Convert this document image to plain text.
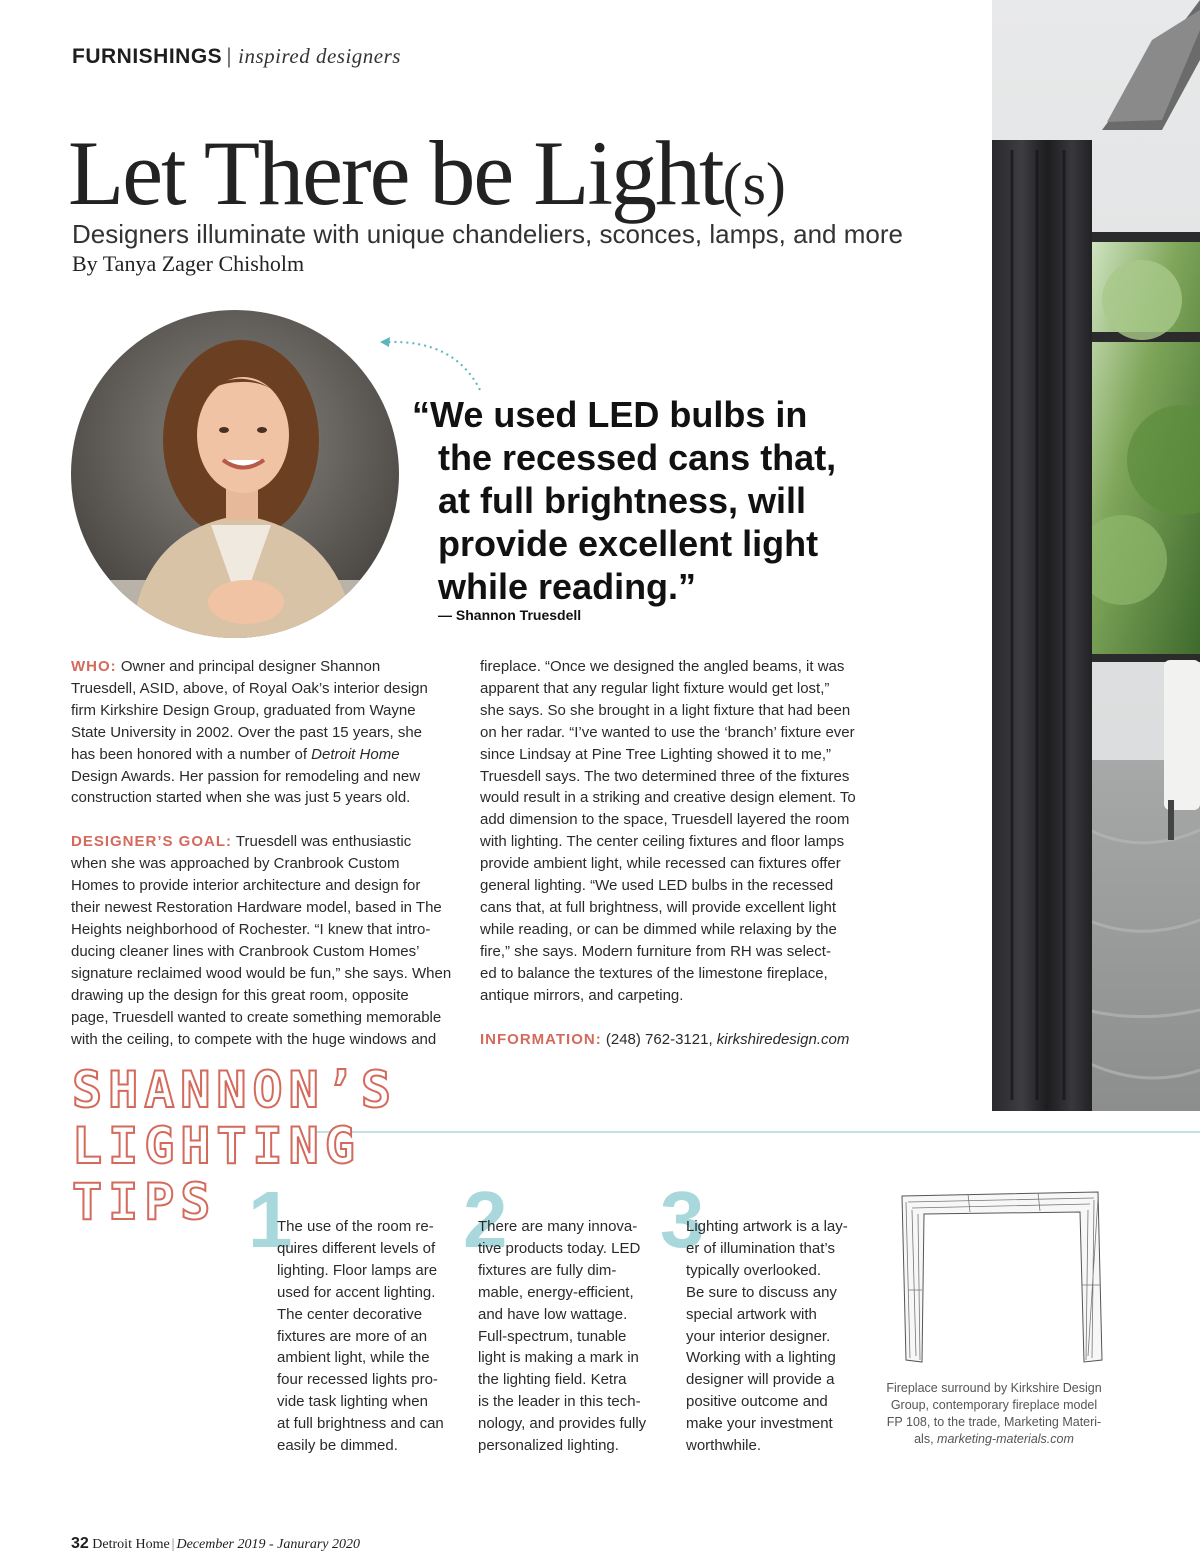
FURNISHINGS | inspired designers
Let There be Light(s)
Designers illuminate with unique chandeliers, sconces, lamps, and more
By Tanya Zager Chisholm
“We used LED bulbs in
the recessed cans that,
at full brightness, will
provide excellent light
while reading.”
— Shannon Truesdell

WHO: Owner and principal designer Shannon
Truesdell, ASID, above, of Royal Oak’s interior design
firm Kirkshire Design Group, graduated from Wayne
State University in 2002. Over the past 15 years, she
has been honored with a number of Detroit Home
Design Awards. Her passion for remodeling and new
construction started when she was just 5 years old.

DESIGNER’S GOAL: Truesdell was enthusiastic
when she was approached by Cranbrook Custom
Homes to provide interior architecture and design for
their newest Restoration Hardware model, based in The
Heights neighborhood of Rochester. “I knew that intro-
ducing cleaner lines with Cranbrook Custom Homes’
signature reclaimed wood would be fun,” she says. When
drawing up the design for this great room, opposite
page, Truesdell wanted to create something memorable
with the ceiling, to compete with the huge windows and

fireplace. “Once we designed the angled beams, it was
apparent that any regular light fixture would get lost,”
she says. So she brought in a light fixture that had been
on her radar. “I’ve wanted to use the ‘branch’ fixture ever
since Lindsay at Pine Tree Lighting showed it to me,”
Truesdell says. The two determined three of the fixtures
would result in a striking and creative design element. To
add dimension to the space, Truesdell layered the room
with lighting. The center ceiling fixtures and floor lamps
provide ambient light, while recessed can fixtures offer
general lighting. “We used LED bulbs in the recessed
cans that, at full brightness, will provide excellent light
while reading, or can be dimmed while relaxing by the
fire,” she says. Modern furniture from RH was select-
ed to balance the textures of the limestone fireplace,
antique mirrors, and carpeting.

INFORMATION: (248) 762-3121, kirkshiredesign.com

SHANNON’S
LIGHTING
TIPS 1
The use of the room re-
quires different levels of
lighting. Floor lamps are
used for accent lighting.
The center decorative
fixtures are more of an
ambient light, while the
four recessed lights pro-
vide task lighting when
at full brightness and can
easily be dimmed.
2
There are many innova-
tive products today. LED
fixtures are fully dim-
mable, energy-efficient,
and have low wattage.
Full-spectrum, tunable
light is making a mark in
the lighting field. Ketra
is the leader in this tech-
nology, and provides fully
personalized lighting.
3
Lighting artwork is a lay-
er of illumination that’s
typically overlooked.
Be sure to discuss any
special artwork with
your interior designer.
Working with a lighting
designer will provide a
positive outcome and
make your investment
worthwhile.
Fireplace surround by Kirkshire Design
Group, contemporary fireplace model
FP 108, to the trade, Marketing Materi-
als, marketing-materials.com
32 Detroit Home | December 2019 - Janurary 2020
